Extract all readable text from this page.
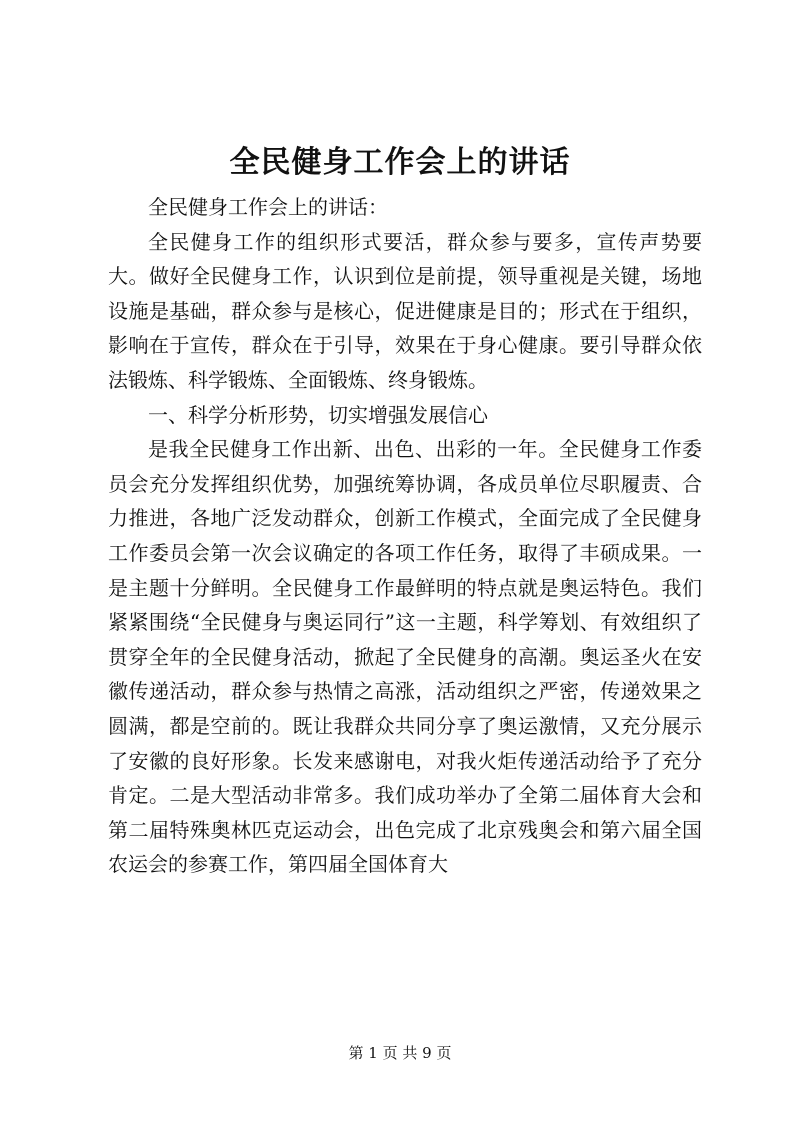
全民健身工作会上的讲话

全民健身工作会上的讲话：

全民健身工作的组织形式要活，群众参与要多，宣传声势要大。做好全民健身工作，认识到位是前提，领导重视是关键，场地设施是基础，群众参与是核心，促进健康是目的；形式在于组织，影响在于宣传，群众在于引导，效果在于身心健康。要引导群众依法锻炼、科学锻炼、全面锻炼、终身锻炼。

一、科学分析形势，切实增强发展信心

是我全民健身工作出新、出色、出彩的一年。全民健身工作委员会充分发挥组织优势，加强统筹协调，各成员单位尽职履责、合力推进，各地广泛发动群众，创新工作模式，全面完成了全民健身工作委员会第一次会议确定的各项工作任务，取得了丰硕成果。一是主题十分鲜明。全民健身工作最鲜明的特点就是奥运特色。我们紧紧围绕“全民健身与奥运同行”这一主题，科学筹划、有效组织了贯穿全年的全民健身活动，掀起了全民健身的高潮。奥运圣火在安徽传递活动，群众参与热情之高涨，活动组织之严密，传递效果之圆满，都是空前的。既让我群众共同分享了奥运激情，又充分展示了安徽的良好形象。长发来感谢电，对我火炬传递活动给予了充分肯定。二是大型活动非常多。我们成功举办了全第二届体育大会和第二届特殊奥林匹克运动会，出色完成了北京残奥会和第六届全国农运会的参赛工作，第四届全国体育大

第 1 页 共 9 页
